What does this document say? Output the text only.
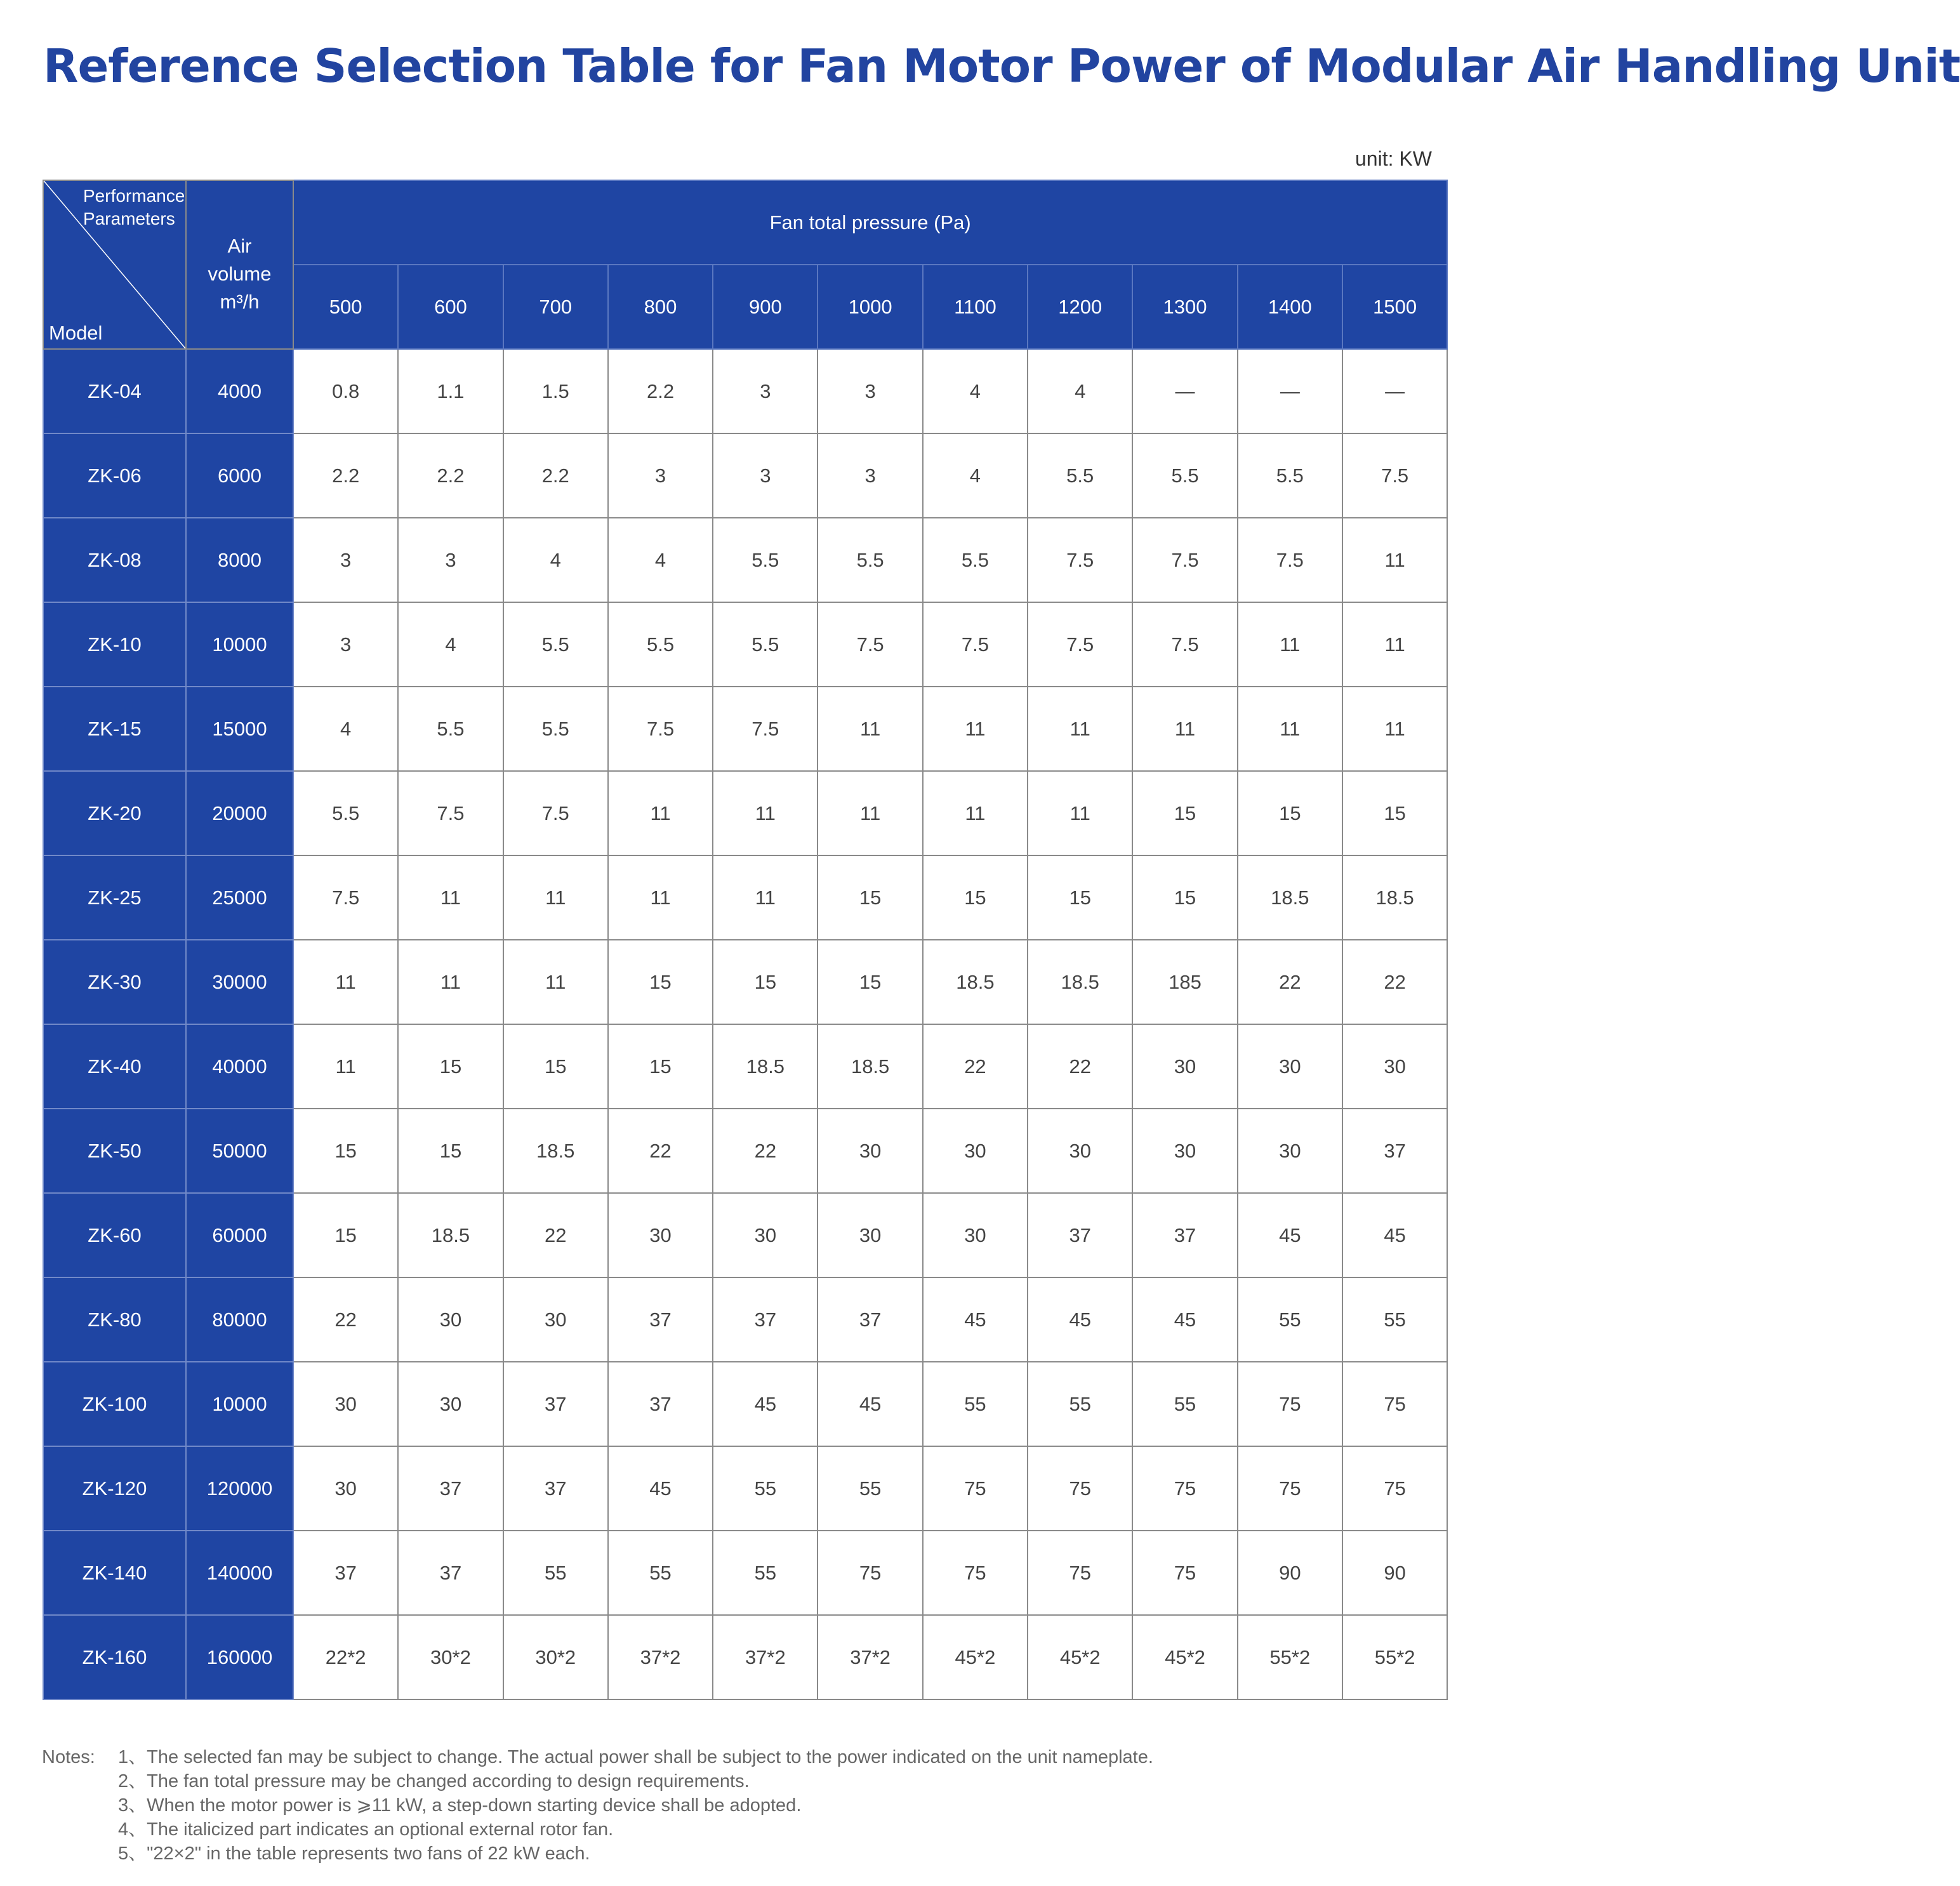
Reference Selection Table for Fan Motor Power of Modular Air Handling Unit
unit: KW
Performance Parameters
Model	Air volume m³/h	Fan total pressure (Pa)										
		500	600	700	800	900	1000	1100	1200	1300	1400	1500
ZK-04	4000	0.8	1.1	1.5	2.2	3	3	4	4	—	—	—
ZK-06	6000	2.2	2.2	2.2	3	3	3	4	5.5	5.5	5.5	7.5
ZK-08	8000	3	3	4	4	5.5	5.5	5.5	7.5	7.5	7.5	11
ZK-10	10000	3	4	5.5	5.5	5.5	7.5	7.5	7.5	7.5	11	11
ZK-15	15000	4	5.5	5.5	7.5	7.5	11	11	11	11	11	11
ZK-20	20000	5.5	7.5	7.5	11	11	11	11	11	15	15	15
ZK-25	25000	7.5	11	11	11	11	15	15	15	15	18.5	18.5
ZK-30	30000	11	11	11	15	15	15	18.5	18.5	185	22	22
ZK-40	40000	11	15	15	15	18.5	18.5	22	22	30	30	30
ZK-50	50000	15	15	18.5	22	22	30	30	30	30	30	37
ZK-60	60000	15	18.5	22	30	30	30	30	37	37	45	45
ZK-80	80000	22	30	30	37	37	37	45	45	45	55	55
ZK-100	10000	30	30	37	37	45	45	55	55	55	75	75
ZK-120	120000	30	37	37	45	55	55	75	75	75	75	75
ZK-140	140000	37	37	55	55	55	75	75	75	75	90	90
ZK-160	160000	22*2	30*2	30*2	37*2	37*2	37*2	45*2	45*2	45*2	55*2	55*2
Notes: 1、The selected fan may be subject to change. The actual power shall be subject to the power indicated on the unit nameplate.
2、The fan total pressure may be changed according to design requirements.
3、When the motor power is ⩾11 kW, a step-down starting device shall be adopted.
4、The italicized part indicates an optional external rotor fan.
5、"22×2" in the table represents two fans of 22 kW each.
